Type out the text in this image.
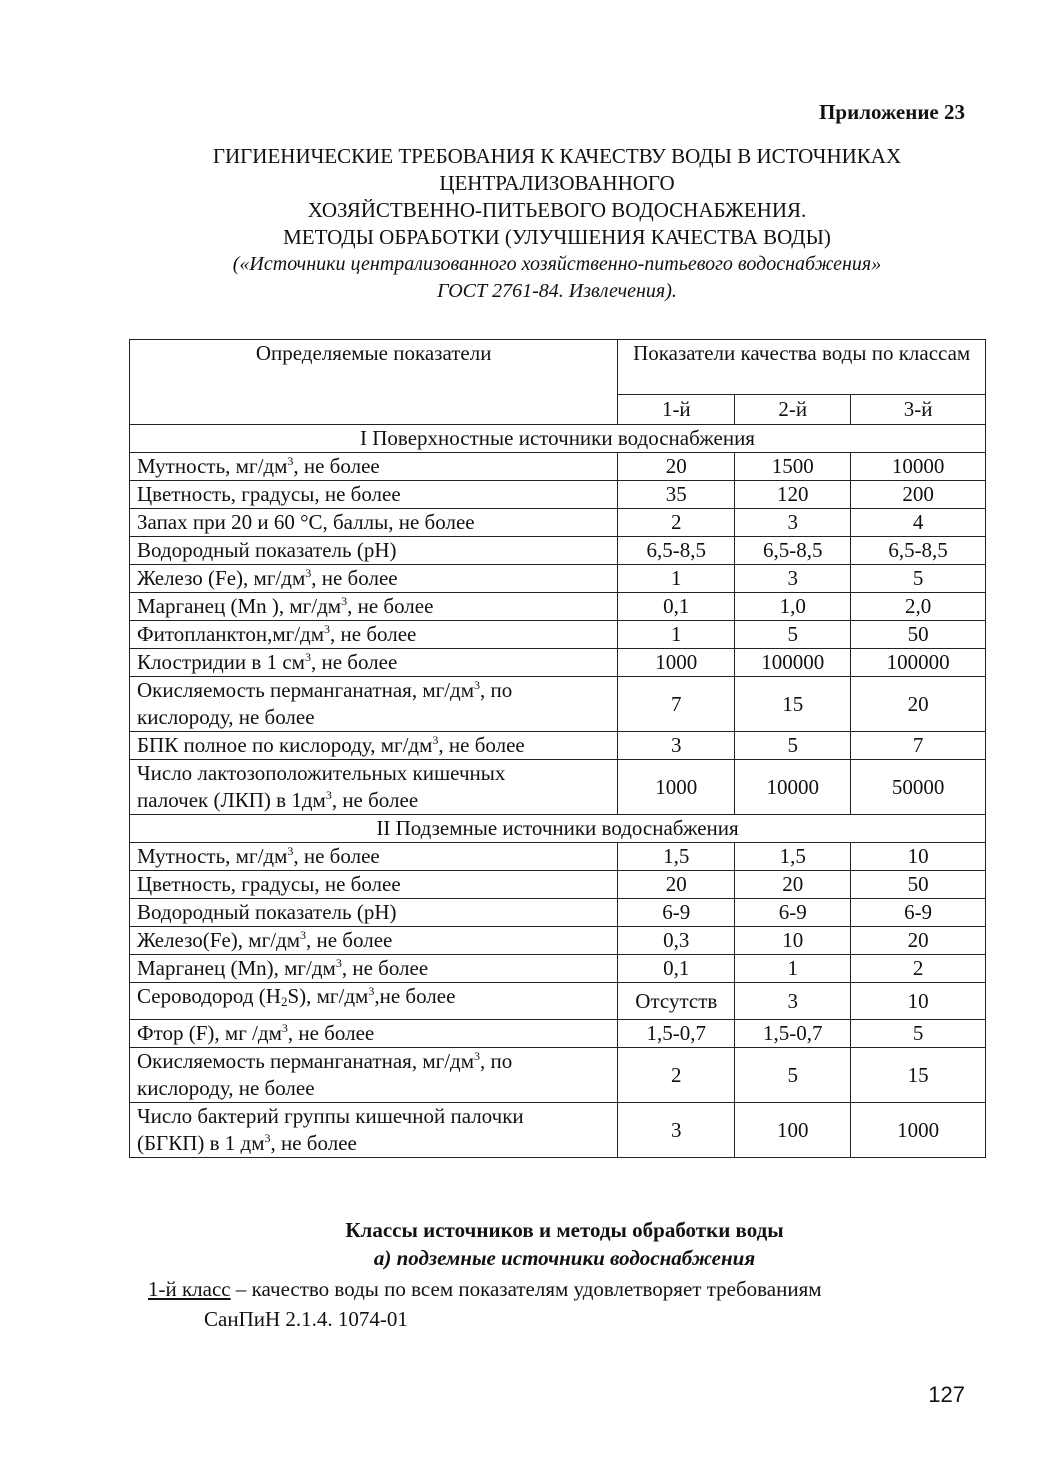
Приложение 23
ГИГИЕНИЧЕСКИЕ ТРЕБОВАНИЯ К КАЧЕСТВУ ВОДЫ В ИСТОЧНИКАХ
ЦЕНТРАЛИЗОВАННОГО
ХОЗЯЙСТВЕННО-ПИТЬЕВОГО ВОДОСНАБЖЕНИЯ.
МЕТОДЫ ОБРАБОТКИ (УЛУЧШЕНИЯ КАЧЕСТВА ВОДЫ)
(«Источники централизованного хозяйственно-питьевого водоснабжения»
ГОСТ 2761-84. Извлечения).
Определяемые показатели	Показатели качества воды по классам		
	1-й	2-й	3-й
I Поверхностные источники водоснабжения			
Мутность, $мг/дм^3$, не более	20	1500	10000
Цветность, градусы, не более	35	120	200
Запах при 20 и 60 °С, баллы, не более	2	3	4
Водородный показатель (рН)	6,5-8,5	6,5-8,5	6,5-8,5
Железо (Fe), $мг/дм^3$, не более	1	3	5
Марганец (Mn ), $мг/дм^3$, не более	0,1	1,0	2,0
$Фитопланктон,мг/дм^3$, не более	1	5	50
Клостридии в 1 $см^3$, не более	1000	100000	100000
Окисляемость перманганатная, $мг/дм^3$, по
кислороду, не более	7	15	20
БПК полное по кислороду, $мг/дм^3$, не более	3	5	7
Число лактозоположительных кишечных
палочек (ЛКП) в $1дм^3$, не более	1000	10000	50000
II Подземные источники водоснабжения			
Мутность, $мг/дм^3$, не более	1,5	1,5	10
Цветность, градусы, не более	20	20	50
Водородный показатель (рН)	6-9	6-9	6-9
Железо(Fe), $мг/дм^3$, не более	0,3	10	20
Марганец (Mn), $мг/дм^3$, не более	0,1	1	2
Сероводород $(H_2S)$, $мг/дм^3,не$ более	Отсутств	3	10
Фтор (F), мг $/дм^3$, не более	1,5-0,7	1,5-0,7	5
Окисляемость перманганатная, $мг/дм^3$, по
кислороду, не более	2	5	15
Число бактерий группы кишечной палочки
(БГКП) в 1 $дм^3$, не более	3	100	1000
Классы источников и методы обработки воды
а) подземные источники водоснабжения
1-й класс – качество воды по всем показателям удовлетворяет требованиям
СанПиН 2.1.4. 1074-01
127
